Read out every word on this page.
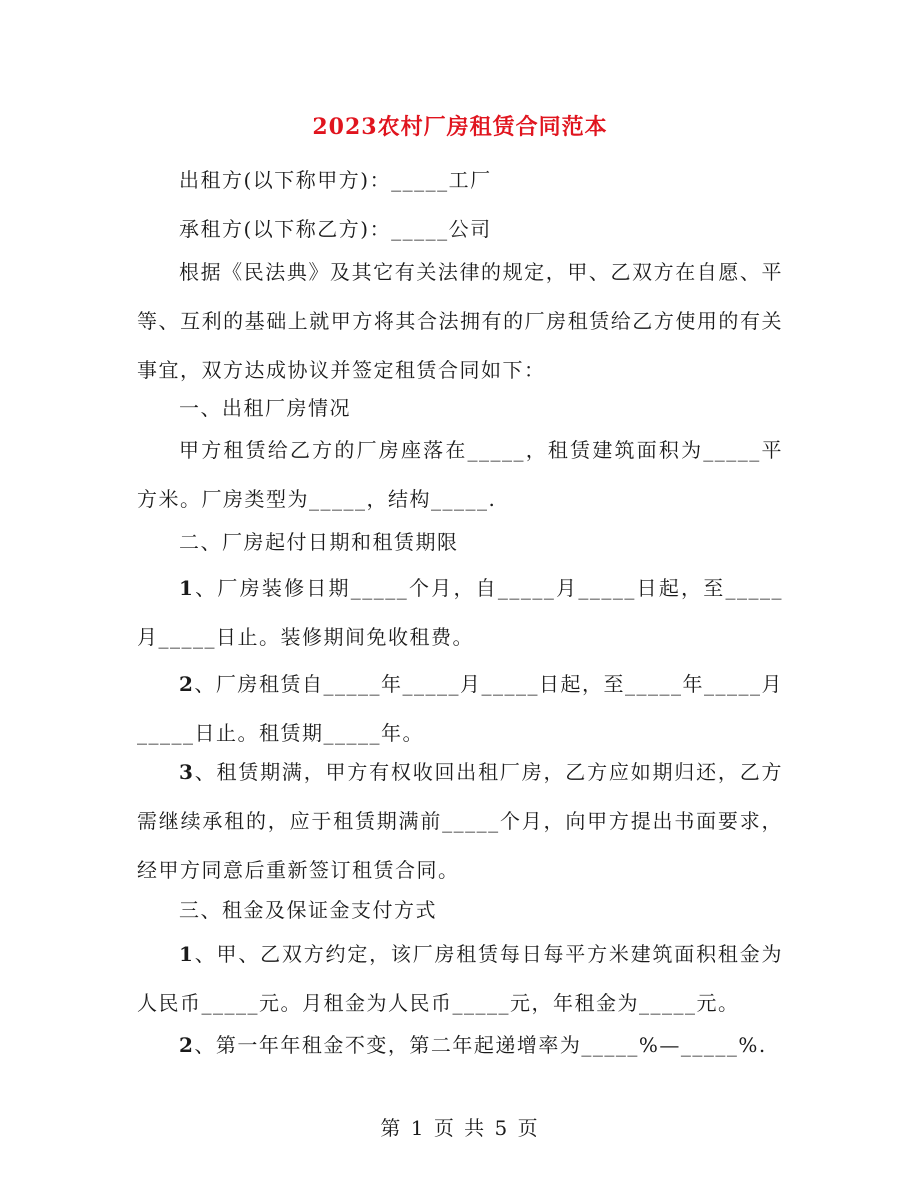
2023农村厂房租赁合同范本

出租方(以下称甲方)：_____工厂

承租方(以下称乙方)：_____公司

根据《民法典》及其它有关法律的规定，甲、乙双方在自愿、平等、互利的基础上就甲方将其合法拥有的厂房租赁给乙方使用的有关事宜，双方达成协议并签定租赁合同如下：

一、出租厂房情况

甲方租赁给乙方的厂房座落在_____，租赁建筑面积为_____平方米。厂房类型为_____，结构_____.

二、厂房起付日期和租赁期限

1、厂房装修日期_____个月，自_____月_____日起，至_____月_____日止。装修期间免收租费。

2、厂房租赁自_____年_____月_____日起，至_____年_____月_____日止。租赁期_____年。

3、租赁期满，甲方有权收回出租厂房，乙方应如期归还，乙方需继续承租的，应于租赁期满前_____个月，向甲方提出书面要求，经甲方同意后重新签订租赁合同。

三、租金及保证金支付方式

1、甲、乙双方约定，该厂房租赁每日每平方米建筑面积租金为人民币_____元。月租金为人民币_____元，年租金为_____元。

2、第一年年租金不变，第二年起递增率为_____%—_____%.

第 1 页 共 5 页
